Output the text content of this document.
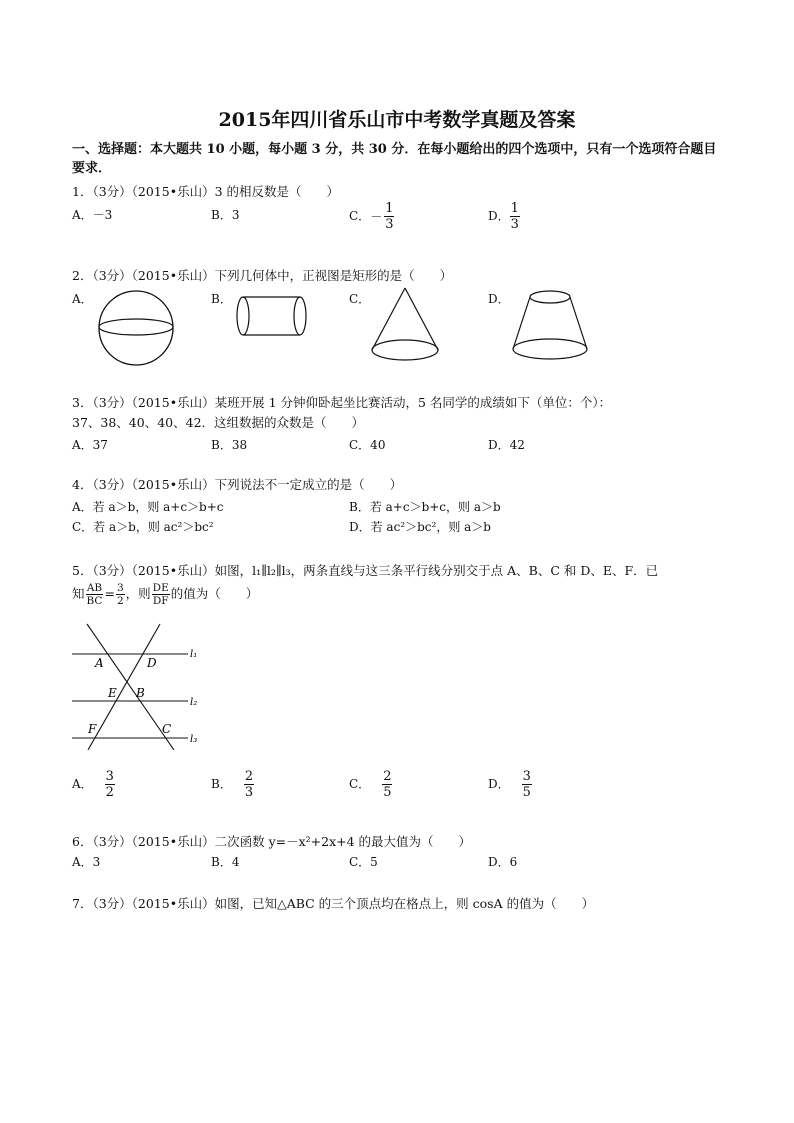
2015年四川省乐山市中考数学真题及答案
一、选择题：本大题共 10 小题，每小题 3 分，共 30 分．在每小题给出的四个选项中，只有一个选项符合题目要求．
1．（3分）（2015•乐山）3 的相反数是（　　）
A．－3	B．3	C．－ $\frac{1}{3}$	D． $\frac{1}{3}$
2．（3分）（2015•乐山）下列几何体中，正视图是矩形的是（　　）
A．	B．	C．	D．
3．（3分）（2015•乐山）某班开展 1 分钟仰卧起坐比赛活动，5 名同学的成绩如下（单位：个）：
37、38、40、40、42．这组数据的众数是（　　）
A．37	B．38	C．40	D．42
4．（3分）（2015•乐山）下列说法不一定成立的是（　　）
A．若 a＞b，则 a+c＞b+c	B．若 a+c＞b+c，则 a＞b
C．若 a＞b，则 ac²＞bc²	D．若 ac²＞bc²，则 a＞b
5．（3分）（2015•乐山）如图，l₁∥l₂∥l₃，两条直线与这三条平行线分别交于点 A、B、C 和 D、E、F．已
知 $\frac{AB}{BC} = \frac{3}{2}$ ，则 $\frac{DE}{DF}$ 的值为（　　）
A	D
E B
F	C
l₁
l₂
l₃
A． $\frac{3}{2}$	B． $\frac{2}{3}$	C． $\frac{2}{5}$	D． $\frac{3}{5}$
6．（3分）（2015•乐山）二次函数 y=－x²+2x+4 的最大值为（　　）
A．3	B．4	C．5	D．6
7．（3分）（2015•乐山）如图，已知△ABC 的三个顶点均在格点上，则 cosA 的值为（　　）
